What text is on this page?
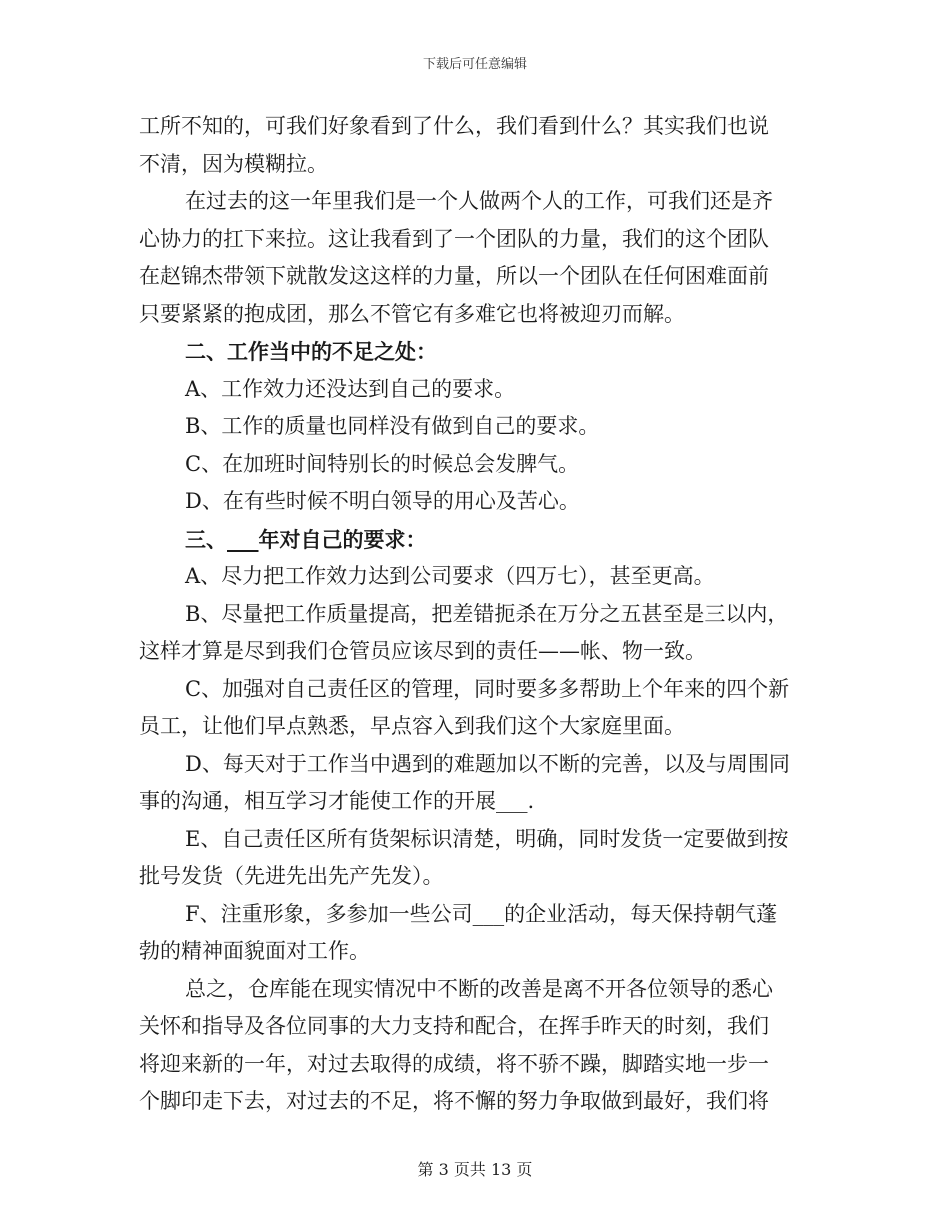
下载后可任意编辑
工所不知的，可我们好象看到了什么，我们看到什么？其实我们也说
不清，因为模糊拉。
在过去的这一年里我们是一个人做两个人的工作，可我们还是齐
心协力的扛下来拉。这让我看到了一个团队的力量，我们的这个团队
在赵锦杰带领下就散发这这样的力量，所以一个团队在任何困难面前
只要紧紧的抱成团，那么不管它有多难它也将被迎刃而解。
二、工作当中的不足之处：
A、工作效力还没达到自己的要求。
B、工作的质量也同样没有做到自己的要求。
C、在加班时间特别长的时候总会发脾气。
D、在有些时候不明白领导的用心及苦心。
三、___年对自己的要求：
A、尽力把工作效力达到公司要求（四万七），甚至更高。
B、尽量把工作质量提高，把差错扼杀在万分之五甚至是三以内，
这样才算是尽到我们仓管员应该尽到的责任——帐、物一致。
C、加强对自己责任区的管理，同时要多多帮助上个年来的四个新
员工，让他们早点熟悉，早点容入到我们这个大家庭里面。
D、每天对于工作当中遇到的难题加以不断的完善，以及与周围同
事的沟通，相互学习才能使工作的开展___.
E、自己责任区所有货架标识清楚，明确，同时发货一定要做到按
批号发货（先进先出先产先发）。
F、注重形象，多参加一些公司___的企业活动，每天保持朝气蓬
勃的精神面貌面对工作。
总之，仓库能在现实情况中不断的改善是离不开各位领导的悉心
关怀和指导及各位同事的大力支持和配合，在挥手昨天的时刻，我们
将迎来新的一年，对过去取得的成绩，将不骄不躁，脚踏实地一步一
个脚印走下去，对过去的不足，将不懈的努力争取做到最好，我们将
第 3 页共 13 页
